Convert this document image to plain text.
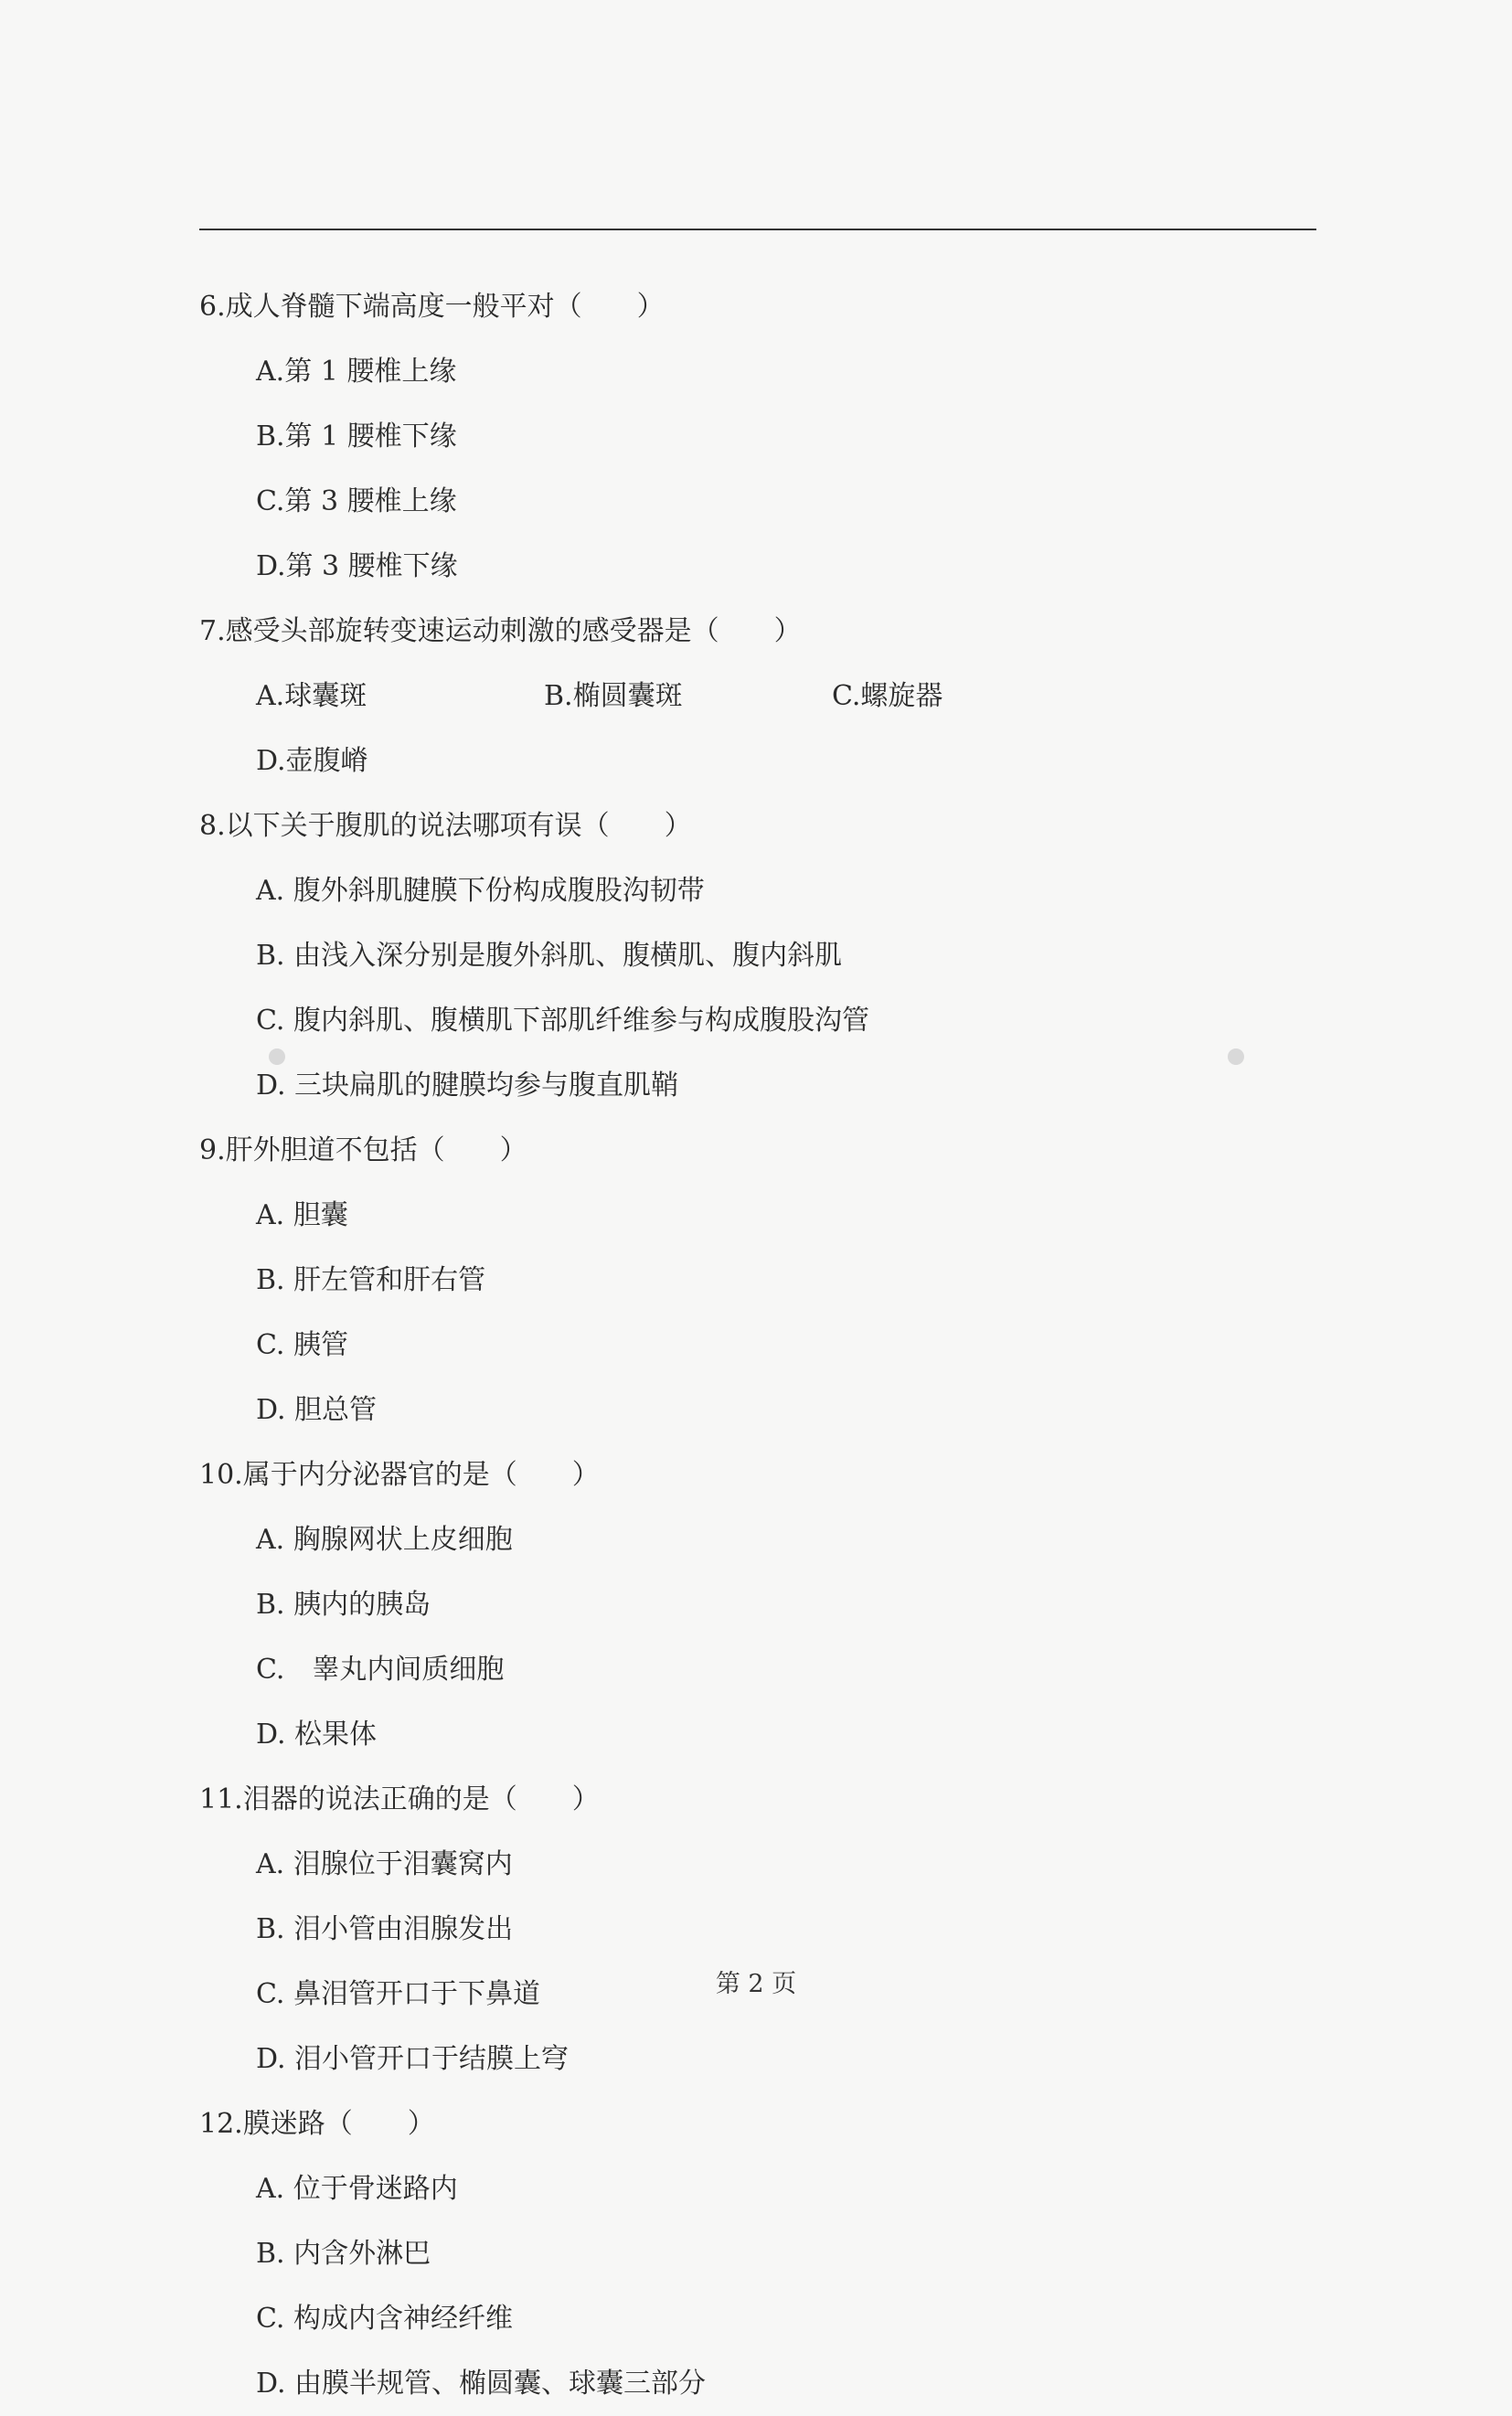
6.成人脊髓下端高度一般平对（　　）
A.第 1 腰椎上缘
B.第 1 腰椎下缘
C.第 3 腰椎上缘
D.第 3 腰椎下缘
7.感受头部旋转变速运动刺激的感受器是（　　）
A.球囊斑	B.椭圆囊斑	C.螺旋器
D.壶腹嵴
8.以下关于腹肌的说法哪项有误（　　）
A. 腹外斜肌腱膜下份构成腹股沟韧带
B. 由浅入深分别是腹外斜肌、腹横肌、腹内斜肌
C. 腹内斜肌、腹横肌下部肌纤维参与构成腹股沟管
D. 三块扁肌的腱膜均参与腹直肌鞘
9.肝外胆道不包括（　　）
A. 胆囊
B. 肝左管和肝右管
C. 胰管
D. 胆总管
10.属于内分泌器官的是（　　）
A. 胸腺网状上皮细胞
B. 胰内的胰岛
C.　睾丸内间质细胞
D. 松果体
11.泪器的说法正确的是（　　）
A. 泪腺位于泪囊窝内
B. 泪小管由泪腺发出
C. 鼻泪管开口于下鼻道
D. 泪小管开口于结膜上穹
12.膜迷路（　　）
A. 位于骨迷路内
B. 内含外淋巴
C. 构成内含神经纤维
D. 由膜半规管、椭圆囊、球囊三部分
第 2 页
